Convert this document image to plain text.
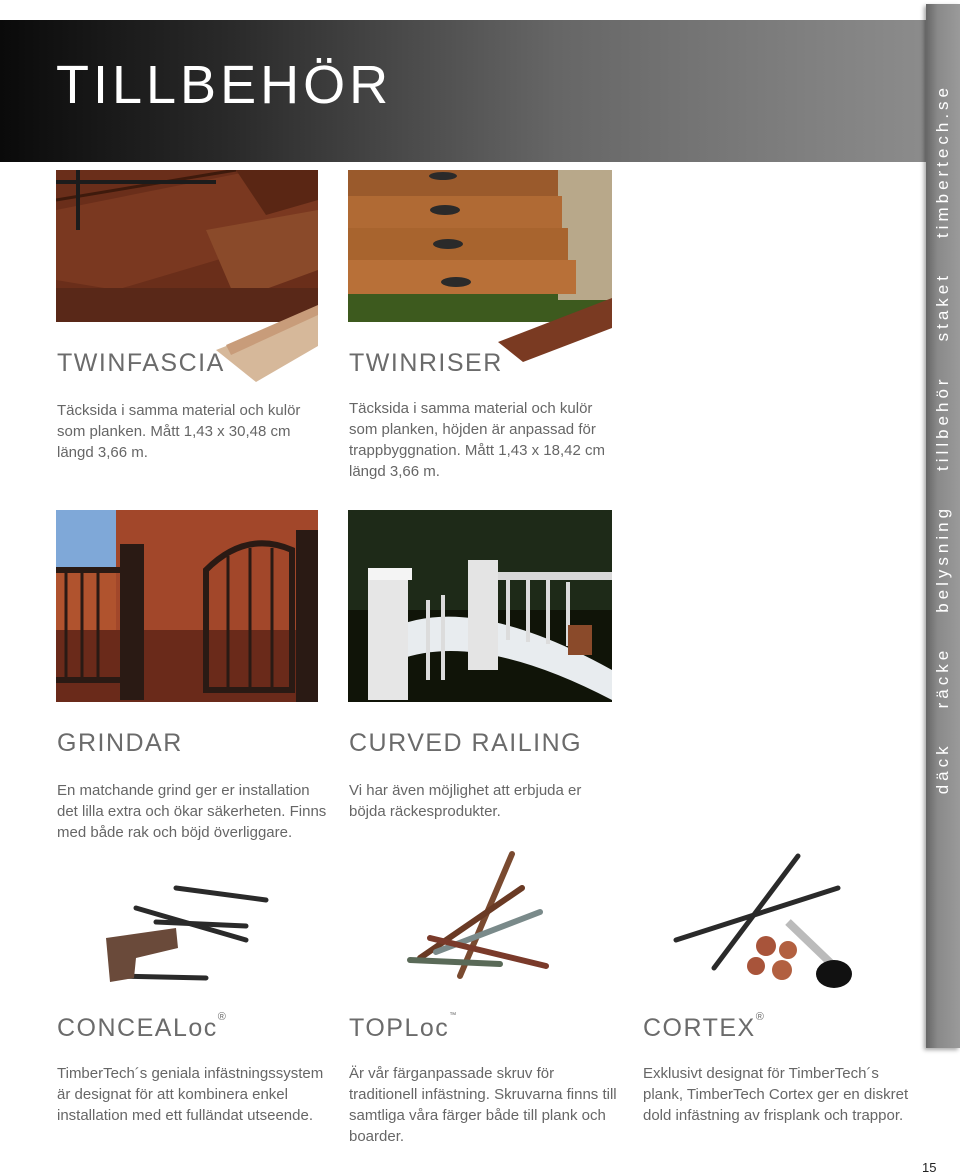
TILLBEHÖR
däck
räcke
belysning
tillbehör
staket
timbertech.se
TWINFASCIA	TWINRISER
GRINDAR	CURVED RAILING
CONCEALoc®	TOPLoc™	CORTEX®
Täcksida i samma material och kulör
som planken. Mått 1,43 x 30,48 cm
längd 3,66 m.
Täcksida i samma material och kulör
som planken, höjden är anpassad för
trappbyggnation. Mått 1,43 x 18,42 cm
längd 3,66 m.
En matchande grind ger er installation
det lilla extra och ökar säkerheten. Finns
med både rak och böjd överliggare.
Vi har även möjlighet att erbjuda er
böjda räckesprodukter.
TimberTech´s geniala infästningssystem
är designat för att kombinera enkel
installation med ett fulländat utseende.
Är vår färganpassade skruv för
traditionell infästning. Skruvarna finns till
samtliga våra färger både till plank och
boarder.
Exklusivt designat för TimberTech´s
plank, TimberTech Cortex ger en diskret
dold infästning av frisplank och trappor.
15
